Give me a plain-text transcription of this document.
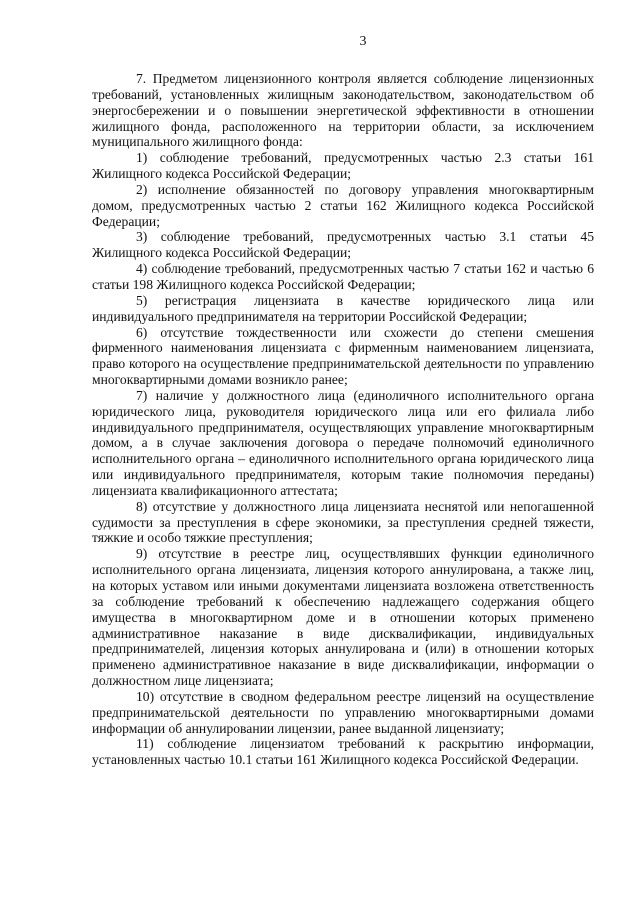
3

7. Предметом лицензионного контроля является соблюдение лицензионных требований, установленных жилищным законодательством, законодательством об энергосбережении и о повышении энергетической эффективности в отношении жилищного фонда, расположенного на территории области, за исключением муниципального жилищного фонда:

1) соблюдение требований, предусмотренных частью 2.3 статьи 161 Жилищного кодекса Российской Федерации;

2) исполнение обязанностей по договору управления многоквартирным домом, предусмотренных частью 2 статьи 162 Жилищного кодекса Российской Федерации;

3) соблюдение требований, предусмотренных частью 3.1 статьи 45 Жилищного кодекса Российской Федерации;

4) соблюдение требований, предусмотренных частью 7 статьи 162 и частью 6 статьи 198 Жилищного кодекса Российской Федерации;

5) регистрация лицензиата в качестве юридического лица или индивидуального предпринимателя на территории Российской Федерации;

6) отсутствие тождественности или схожести до степени смешения фирменного наименования лицензиата с фирменным наименованием лицензиата, право которого на осуществление предпринимательской деятельности по управлению многоквартирными домами возникло ранее;

7) наличие у должностного лица (единоличного исполнительного органа юридического лица, руководителя юридического лица или его филиала либо индивидуального предпринимателя, осуществляющих управление многоквартирным домом, а в случае заключения договора о передаче полномочий единоличного исполнительного органа – единоличного исполнительного органа юридического лица или индивидуального предпринимателя, которым такие полномочия переданы) лицензиата квалификационного аттестата;

8) отсутствие у должностного лица лицензиата неснятой или непогашенной судимости за преступления в сфере экономики, за преступления средней тяжести, тяжкие и особо тяжкие преступления;

9) отсутствие в реестре лиц, осуществлявших функции единоличного исполнительного органа лицензиата, лицензия которого аннулирована, а также лиц, на которых уставом или иными документами лицензиата возложена ответственность за соблюдение требований к обеспечению надлежащего содержания общего имущества в многоквартирном доме и в отношении которых применено административное наказание в виде дисквалификации, индивидуальных предпринимателей, лицензия которых аннулирована и (или) в отношении которых применено административное наказание в виде дисквалификации, информации о должностном лице лицензиата;

10) отсутствие в сводном федеральном реестре лицензий на осуществление предпринимательской деятельности по управлению многоквартирными домами информации об аннулировании лицензии, ранее выданной лицензиату;

11) соблюдение лицензиатом требований к раскрытию информации, установленных частью 10.1 статьи 161 Жилищного кодекса Российской Федерации.
